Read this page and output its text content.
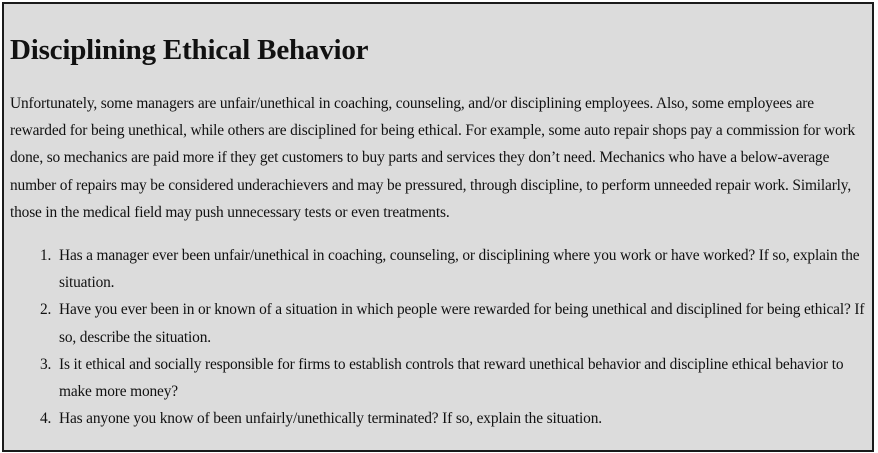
Disciplining Ethical Behavior

Unfortunately, some managers are unfair/unethical in coaching, counseling, and/or disciplining employees. Also, some employees are rewarded for being unethical, while others are disciplined for being ethical. For example, some auto repair shops pay a commission for work done, so mechanics are paid more if they get customers to buy parts and services they don’t need. Mechanics who have a below-average number of repairs may be considered underachievers and may be pressured, through discipline, to perform unneeded repair work. Similarly, those in the medical field may push unnecessary tests or even treatments.

1. Has a manager ever been unfair/unethical in coaching, counseling, or disciplining where you work or have worked? If so, explain the situation.
2. Have you ever been in or known of a situation in which people were rewarded for being unethical and disciplined for being ethical? If so, describe the situation.
3. Is it ethical and socially responsible for firms to establish controls that reward unethical behavior and discipline ethical behavior to make more money?
4. Has anyone you know of been unfairly/unethically terminated? If so, explain the situation.
